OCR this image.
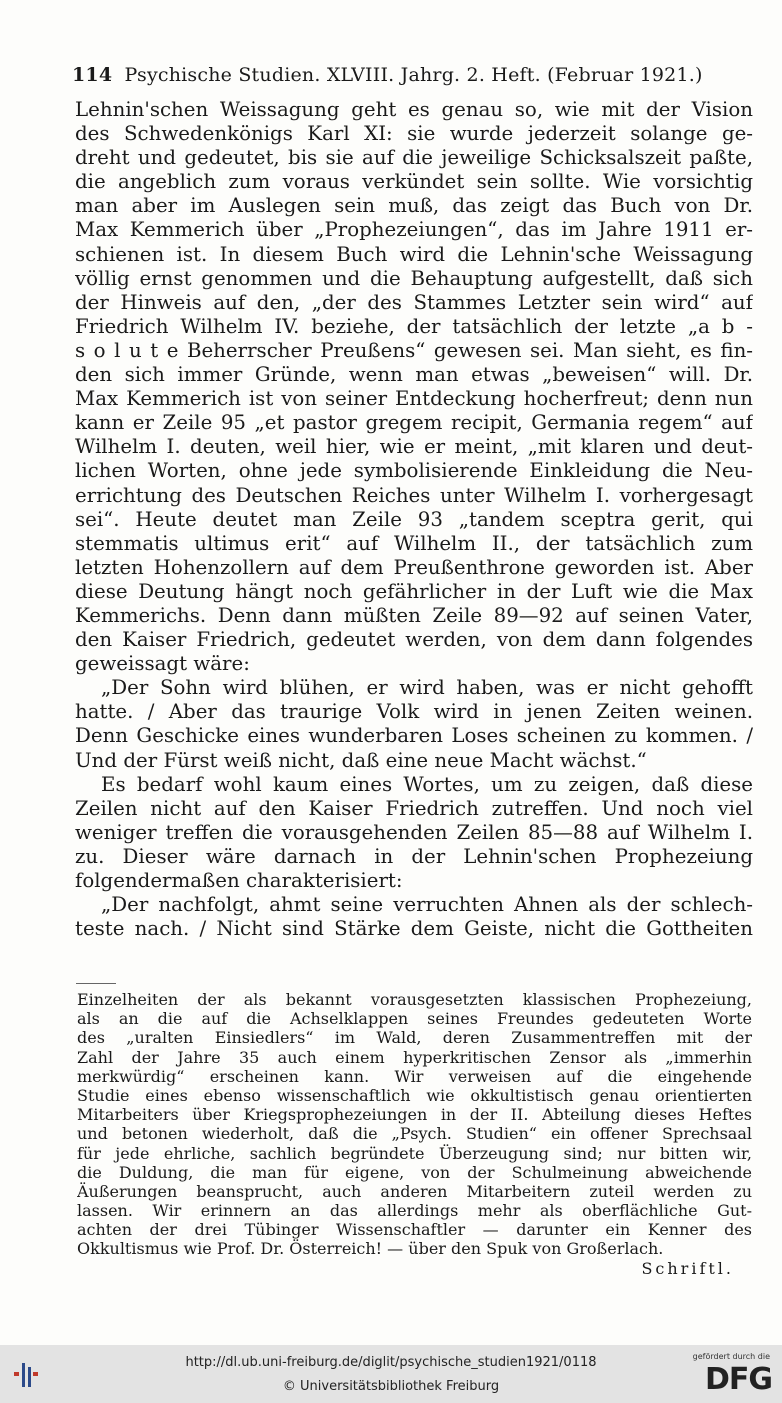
114 Psychische Studien. XLVIII. Jahrg. 2. Heft. (Februar 1921.)
Lehnin'schen Weissagung geht es genau so, wie mit der Vision
des Schwedenkönigs Karl XI: sie wurde jederzeit solange ge-
dreht und gedeutet, bis sie auf die jeweilige Schicksalszeit paßte,
die angeblich zum voraus verkündet sein sollte. Wie vorsichtig
man aber im Auslegen sein muß, das zeigt das Buch von Dr.
Max Kemmerich über „Prophezeiungen“, das im Jahre 1911 er-
schienen ist. In diesem Buch wird die Lehnin'sche Weissagung
völlig ernst genommen und die Behauptung aufgestellt, daß sich
der Hinweis auf den, „der des Stammes Letzter sein wird“ auf
Friedrich Wilhelm IV. beziehe, der tatsächlich der letzte „a b -
s o l u t e Beherrscher Preußens“ gewesen sei. Man sieht, es fin-
den sich immer Gründe, wenn man etwas „beweisen“ will. Dr.
Max Kemmerich ist von seiner Entdeckung hocherfreut; denn nun
kann er Zeile 95 „et pastor gregem recipit, Germania regem“ auf
Wilhelm I. deuten, weil hier, wie er meint, „mit klaren und deut-
lichen Worten, ohne jede symbolisierende Einkleidung die Neu-
errichtung des Deutschen Reiches unter Wilhelm I. vorhergesagt
sei“. Heute deutet man Zeile 93 „tandem sceptra gerit, qui
stemmatis ultimus erit“ auf Wilhelm II., der tatsächlich zum
letzten Hohenzollern auf dem Preußenthrone geworden ist. Aber
diese Deutung hängt noch gefährlicher in der Luft wie die Max
Kemmerichs. Denn dann müßten Zeile 89—92 auf seinen Vater,
den Kaiser Friedrich, gedeutet werden, von dem dann folgendes
geweissagt wäre:
„Der Sohn wird blühen, er wird haben, was er nicht gehofft
hatte. / Aber das traurige Volk wird in jenen Zeiten weinen.
Denn Geschicke eines wunderbaren Loses scheinen zu kommen. /
Und der Fürst weiß nicht, daß eine neue Macht wächst.“
Es bedarf wohl kaum eines Wortes, um zu zeigen, daß diese
Zeilen nicht auf den Kaiser Friedrich zutreffen. Und noch viel
weniger treffen die vorausgehenden Zeilen 85—88 auf Wilhelm I.
zu. Dieser wäre darnach in der Lehnin'schen Prophezeiung
folgendermaßen charakterisiert:
„Der nachfolgt, ahmt seine verruchten Ahnen als der schlech-
teste nach. / Nicht sind Stärke dem Geiste, nicht die Gottheiten
Einzelheiten der als bekannt vorausgesetzten klassischen Prophezeiung,
als an die auf die Achselklappen seines Freundes gedeuteten Worte
des „uralten Einsiedlers“ im Wald, deren Zusammentreffen mit der
Zahl der Jahre 35 auch einem hyperkritischen Zensor als „immerhin
merkwürdig“ erscheinen kann. Wir verweisen auf die eingehende
Studie eines ebenso wissenschaftlich wie okkultistisch genau orientierten
Mitarbeiters über Kriegsprophezeiungen in der II. Abteilung dieses Heftes
und betonen wiederholt, daß die „Psych. Studien“ ein offener Sprechsaal
für jede ehrliche, sachlich begründete Überzeugung sind; nur bitten wir,
die Duldung, die man für eigene, von der Schulmeinung abweichende
Äußerungen beansprucht, auch anderen Mitarbeitern zuteil werden zu
lassen. Wir erinnern an das allerdings mehr als oberflächliche Gut-
achten der drei Tübinger Wissenschaftler — darunter ein Kenner des
Okkultismus wie Prof. Dr. Österreich! — über den Spuk von Großerlach.
Schriftl.
http://dl.ub.uni-freiburg.de/diglit/psychische_studien1921/0118
© Universitätsbibliothek Freiburg
gefördert durch die
DFG
